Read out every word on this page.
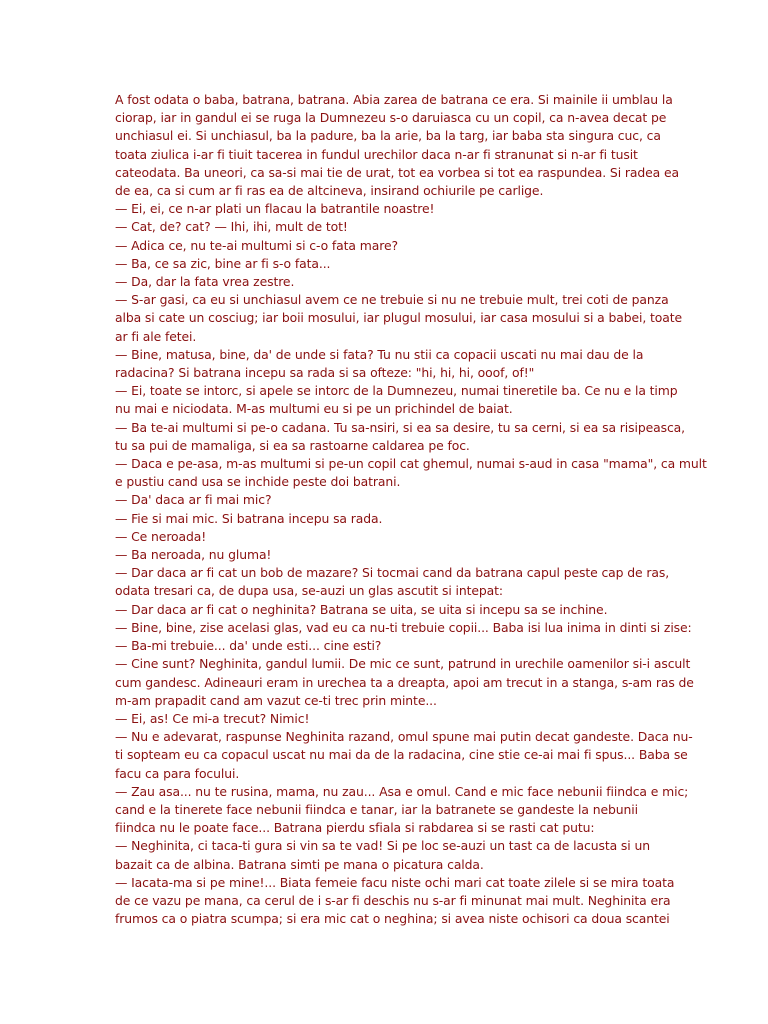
A fost odata o baba, batrana, batrana. Abia zarea de batrana ce era. Si mainile ii umblau la
ciorap, iar in gandul ei se ruga la Dumnezeu s-o daruiasca cu un copil, ca n-avea decat pe
unchiasul ei. Si unchiasul, ba la padure, ba la arie, ba la targ, iar baba sta singura cuc, ca
toata ziulica i-ar fi tiuit tacerea in fundul urechilor daca n-ar fi stranunat si n-ar fi tusit
cateodata. Ba uneori, ca sa-si mai tie de urat, tot ea vorbea si tot ea raspundea. Si radea ea
de ea, ca si cum ar fi ras ea de altcineva, insirand ochiurile pe carlige.
— Ei, ei, ce n-ar plati un flacau la batrantile noastre!
— Cat, de? cat? — Ihi, ihi, mult de tot!
— Adica ce, nu te-ai multumi si c-o fata mare?
— Ba, ce sa zic, bine ar fi s-o fata...
— Da, dar la fata vrea zestre.
— S-ar gasi, ca eu si unchiasul avem ce ne trebuie si nu ne trebuie mult, trei coti de panza
alba si cate un cosciug; iar boii mosului, iar plugul mosului, iar casa mosului si a babei, toate
ar fi ale fetei.
— Bine, matusa, bine, da' de unde si fata? Tu nu stii ca copacii uscati nu mai dau de la
radacina? Si batrana incepu sa rada si sa ofteze: "hi, hi, hi, ooof, of!"
— Ei, toate se intorc, si apele se intorc de la Dumnezeu, numai tineretile ba. Ce nu e la timp
nu mai e niciodata. M-as multumi eu si pe un prichindel de baiat.
— Ba te-ai multumi si pe-o cadana. Tu sa-nsiri, si ea sa desire, tu sa cerni, si ea sa risipeasca,
tu sa pui de mamaliga, si ea sa rastoarne caldarea pe foc.
— Daca e pe-asa, m-as multumi si pe-un copil cat ghemul, numai s-aud in casa "mama", ca mult
e pustiu cand usa se inchide peste doi batrani.
— Da' daca ar fi mai mic?
— Fie si mai mic. Si batrana incepu sa rada.
— Ce neroada!
— Ba neroada, nu gluma!
— Dar daca ar fi cat un bob de mazare? Si tocmai cand da batrana capul peste cap de ras,
odata tresari ca, de dupa usa, se-auzi un glas ascutit si intepat:
— Dar daca ar fi cat o neghinita? Batrana se uita, se uita si incepu sa se inchine.
— Bine, bine, zise acelasi glas, vad eu ca nu-ti trebuie copii... Baba isi lua inima in dinti si zise:
— Ba-mi trebuie... da' unde esti... cine esti?
— Cine sunt? Neghinita, gandul lumii. De mic ce sunt, patrund in urechile oamenilor si-i ascult
cum gandesc. Adineauri eram in urechea ta a dreapta, apoi am trecut in a stanga, s-am ras de
m-am prapadit cand am vazut ce-ti trec prin minte...
— Ei, as! Ce mi-a trecut? Nimic!
— Nu e adevarat, raspunse Neghinita razand, omul spune mai putin decat gandeste. Daca nu-
ti sopteam eu ca copacul uscat nu mai da de la radacina, cine stie ce-ai mai fi spus... Baba se
facu ca para focului.
— Zau asa... nu te rusina, mama, nu zau... Asa e omul. Cand e mic face nebunii fiindca e mic;
cand e la tinerete face nebunii fiindca e tanar, iar la batranete se gandeste la nebunii
fiindca nu le poate face... Batrana pierdu sfiala si rabdarea si se rasti cat putu:
— Neghinita, ci taca-ti gura si vin sa te vad! Si pe loc se-auzi un tast ca de lacusta si un
bazait ca de albina. Batrana simti pe mana o picatura calda.
— Iacata-ma si pe mine!... Biata femeie facu niste ochi mari cat toate zilele si se mira toata
de ce vazu pe mana, ca cerul de i s-ar fi deschis nu s-ar fi minunat mai mult. Neghinita era
frumos ca o piatra scumpa; si era mic cat o neghina; si avea niste ochisori ca doua scantei
